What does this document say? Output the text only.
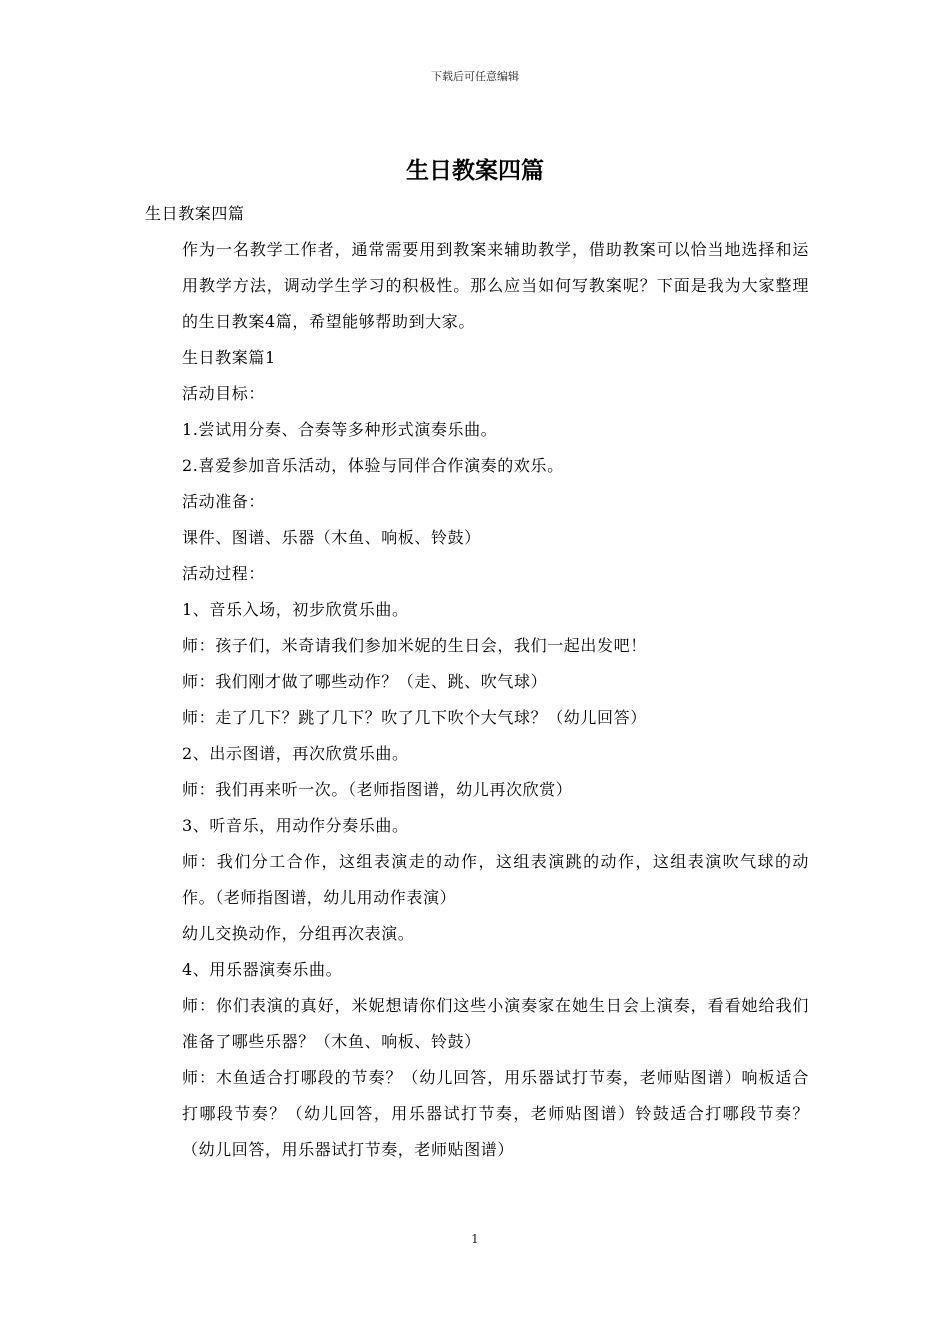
下载后可任意编辑
生日教案四篇

生日教案四篇

作为一名教学工作者，通常需要用到教案来辅助教学，借助教案可以恰当地选择和运用教学方法，调动学生学习的积极性。那么应当如何写教案呢？下面是我为大家整理的生日教案4篇，希望能够帮助到大家。

生日教案篇1

活动目标：

1.尝试用分奏、合奏等多种形式演奏乐曲。

2.喜爱参加音乐活动，体验与同伴合作演奏的欢乐。

活动准备：

课件、图谱、乐器（木鱼、响板、铃鼓）

活动过程：

1、音乐入场，初步欣赏乐曲。

师：孩子们，米奇请我们参加米妮的生日会，我们一起出发吧！

师：我们刚才做了哪些动作？（走、跳、吹气球）

师：走了几下？跳了几下？吹了几下吹个大气球？（幼儿回答）

2、出示图谱，再次欣赏乐曲。

师：我们再来听一次。（老师指图谱，幼儿再次欣赏）

3、听音乐，用动作分奏乐曲。

师：我们分工合作，这组表演走的动作，这组表演跳的动作，这组表演吹气球的动作。（老师指图谱，幼儿用动作表演）

幼儿交换动作，分组再次表演。

4、用乐器演奏乐曲。

师：你们表演的真好，米妮想请你们这些小演奏家在她生日会上演奏，看看她给我们准备了哪些乐器？（木鱼、响板、铃鼓）

师：木鱼适合打哪段的节奏？（幼儿回答，用乐器试打节奏，老师贴图谱）响板适合打哪段节奏？（幼儿回答，用乐器试打节奏，老师贴图谱）铃鼓适合打哪段节奏？（幼儿回答，用乐器试打节奏，老师贴图谱）

1
